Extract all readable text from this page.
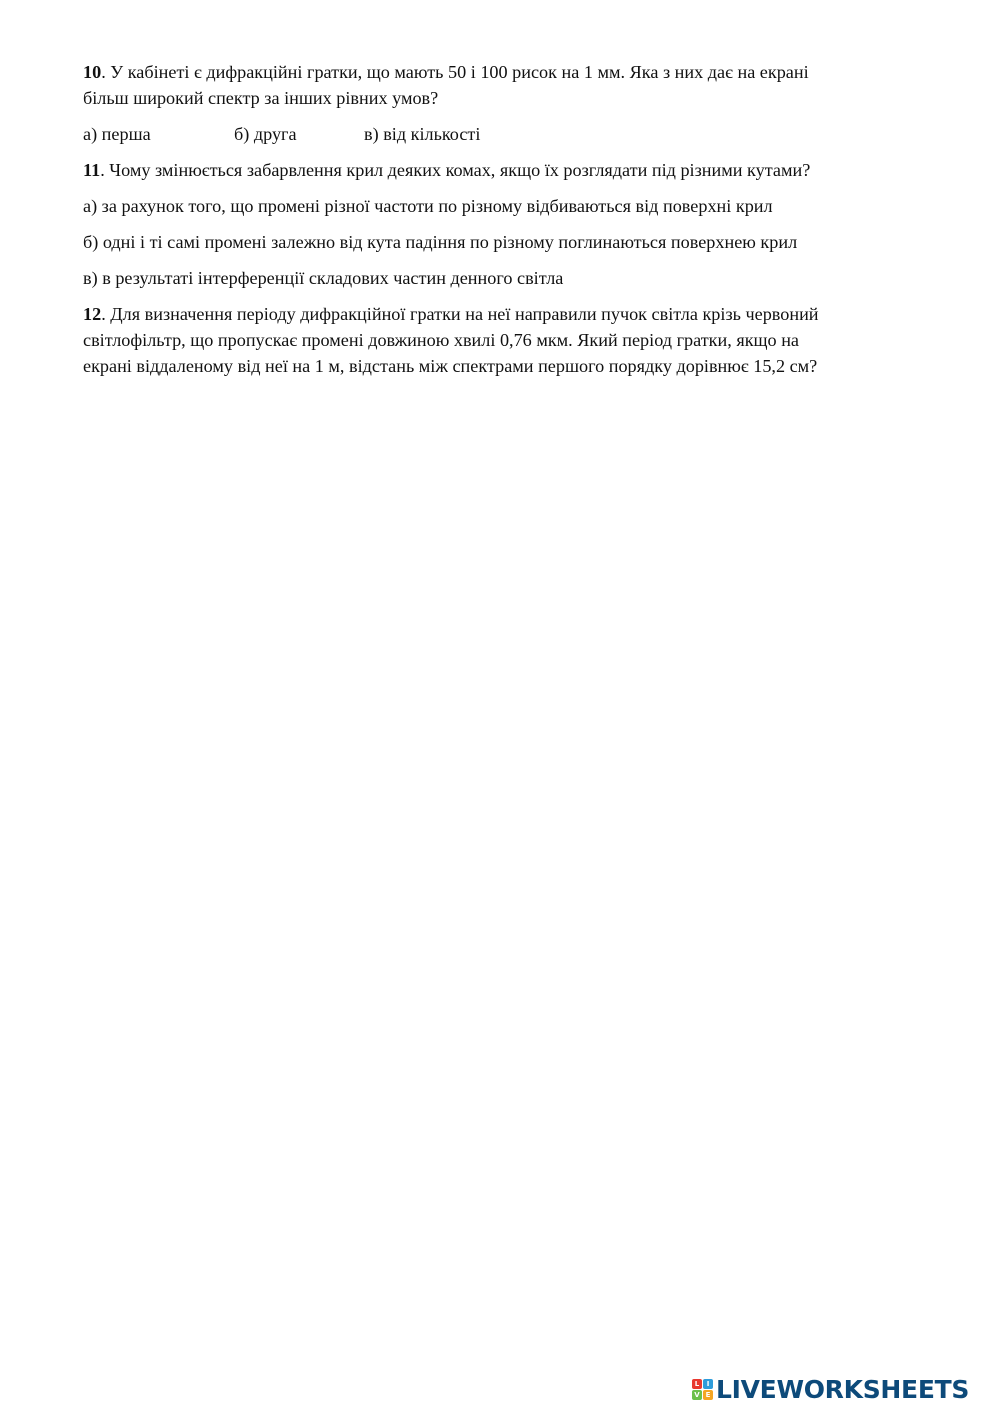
10. У кабінеті є дифракційні гратки, що мають 50 і 100 рисок на 1 мм. Яка з них дає на екрані
більш широкий спектр за інших рівних умов?

а) перша	б) друга	в) від кількості

11. Чому змінюється забарвлення крил деяких комах, якщо їх розглядати під різними кутами?

а) за рахунок того, що промені різної частоти по різному відбиваються від поверхні крил

б) одні і ті самі промені залежно від кута падіння по різному поглинаються поверхнею крил

в) в результаті інтерференції складових частин денного світла

12. Для визначення періоду дифракційної гратки на неї направили пучок світла крізь червоний
світлофільтр, що пропускає промені довжиною хвилі 0,76 мкм. Який період гратки, якщо на
екрані віддаленому від неї на 1 м, відстань між спектрами першого порядку дорівнює 15,2 см?

L	I
V E LIVEWORKSHEETS
